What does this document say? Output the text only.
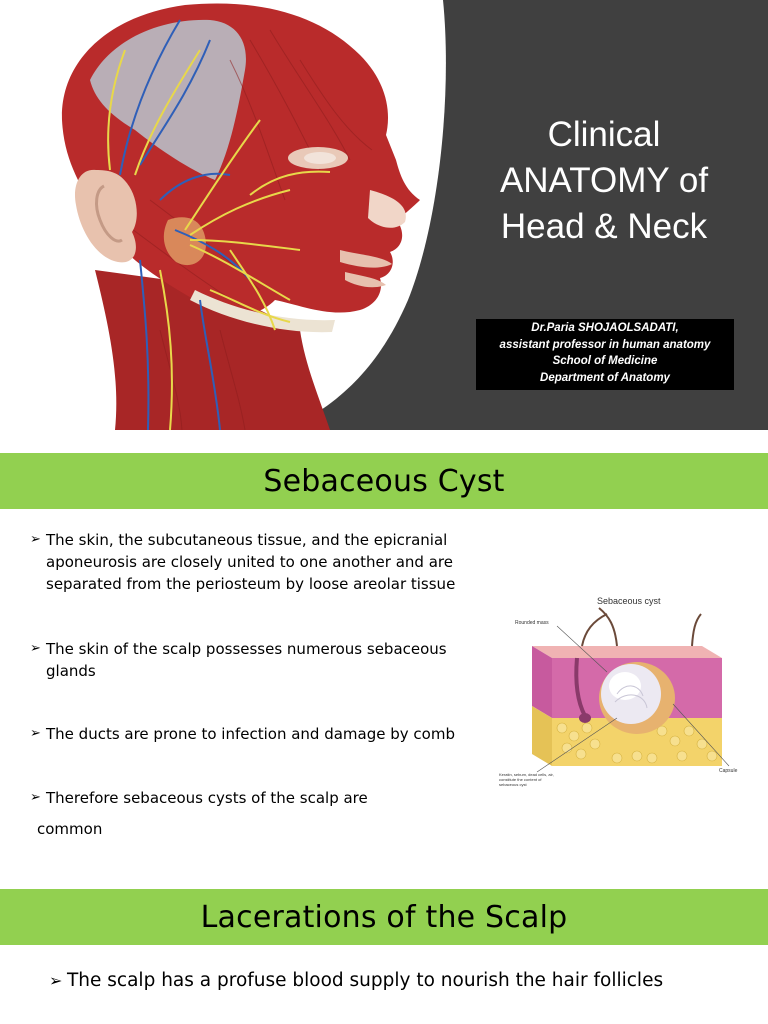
Clinical
ANATOMY of
Head & Neck
Dr.Paria SHOJAOLSADATI,
assistant professor in human anatomy
School of Medicine
Department of Anatomy
Sebaceous Cyst
➢ The skin, the subcutaneous tissue, and the epicranial
aponeurosis are closely united to one another and are
separated from the periosteum by loose areolar tissue
➢ The skin of the scalp possesses numerous sebaceous
glands
➢ The ducts are prone to infection and damage by comb
➢ Therefore sebaceous cysts of the scalp are
common
Sebaceous cyst
Rounded mass
Capsule
Keratin, sebum, dead cells, air,
constitute the content of
sebaceous cyst
Lacerations of the Scalp
➢ The scalp has a profuse blood supply to nourish the hair follicles
